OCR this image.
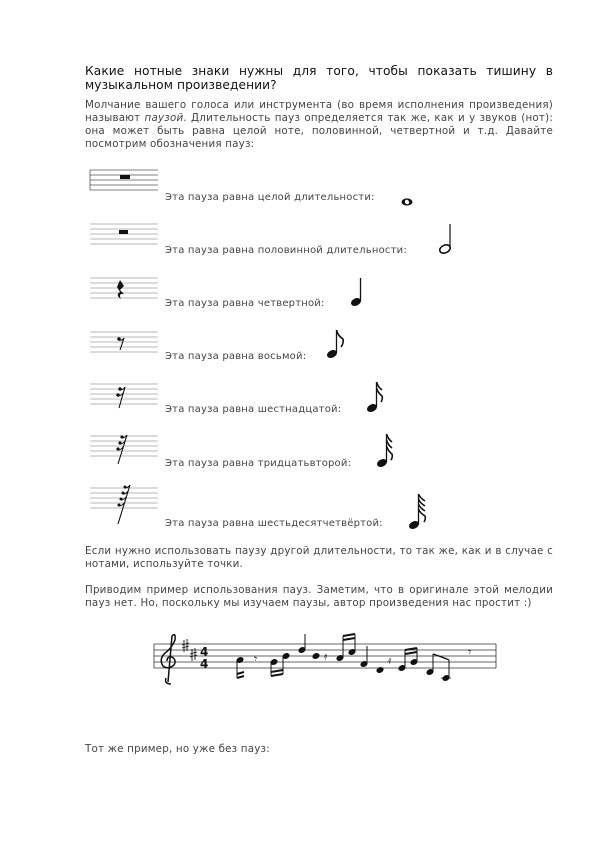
Какие нотные знаки нужны для того, чтобы показать тишину в музыкальном произведении?
Молчание вашего голоса или инструмента (во время исполнения произведения) называют паузой. Длительность пауз определяется так же, как и у звуков (нот): она может быть равна целой ноте, половинной, четвертной и т.д. Давайте посмотрим обозначения пауз:
Эта пауза равна целой длительности:
Эта пауза равна половинной длительности:
Эта пауза равна четвертной:
Эта пауза равна восьмой:
Эта пауза равна шестнадцатой:
Эта пауза равна тридцатьвторой:
Эта пауза равна шестьдесятчетвёртой:
Если нужно использовать паузу другой длительности, то так же, как и в случае с нотами, используйте точки.
Приводим пример использования пауз. Заметим, что в оригинале этой мелодии пауз нет. Но, поскольку мы изучаем паузы, автор произведения нас простит :)
4
4	𝄾	𝄿	𝄿
𝄾
Тот же пример, но уже без пауз:
